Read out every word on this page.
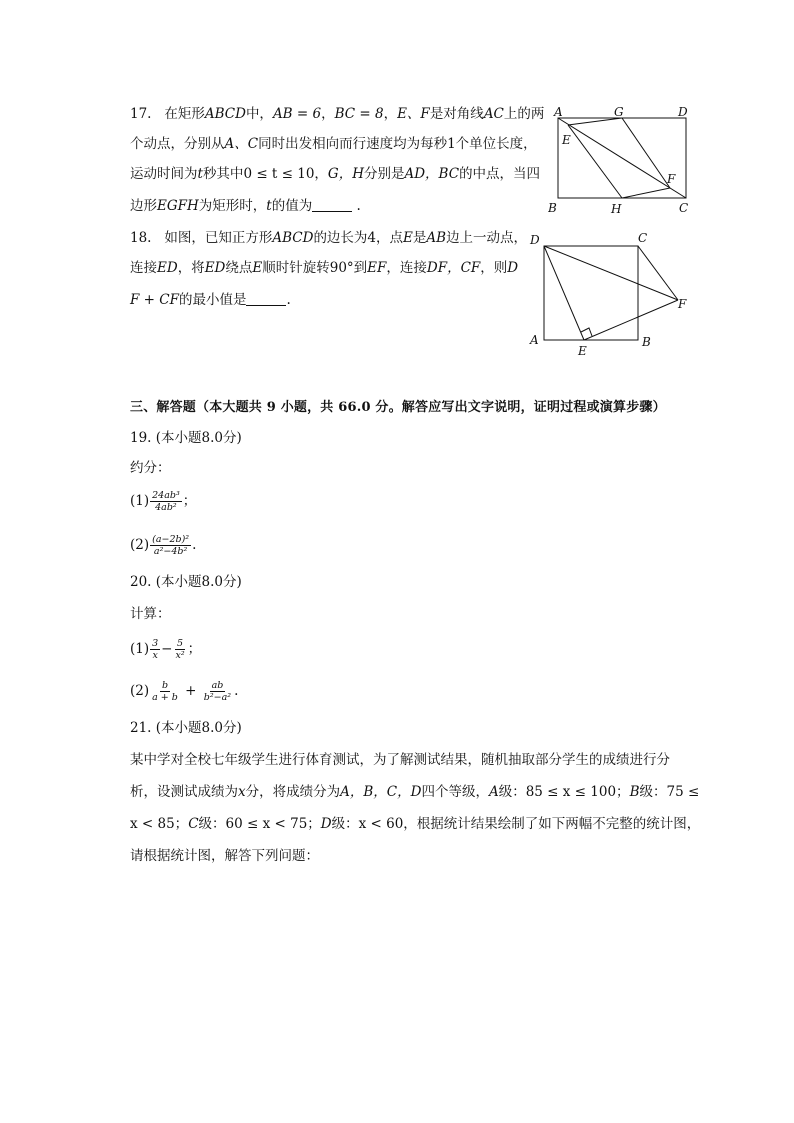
17. 在矩形ABCD中，AB = 6，BC = 8，E、F是对角线AC上的两
个动点，分别从A、C同时出发相向而行速度均为每秒1个单位长度，
运动时间为t秒其中0 ≤ t ≤ 10，G，H分别是AD，BC的中点，当四
边形EGFH为矩形时，t的值为	.
A	G	D
E
F
B	H	C
18. 如图，已知正方形ABCD的边长为4，点E是AB边上一动点，
连接ED，将ED绕点E顺时针旋转90°到EF，连接DF，CF，则D
F + CF的最小值是	.
D	C
F
A
E
B
三、解答题（本大题共 9 小题，共 66.0 分。解答应写出文字说明，证明过程或演算步骤）
19. (本小题8.0分)
约分：
$(1) \frac{\text{24ab³}}{\text{4ab²}}$ ；
$(2) \frac{\text{(a−2b)²}}{\text{a²−4b²}}$ .
20. (本小题8.0分)
计算：
$(1) \frac{3}{x} - \frac{5}{\text{x²}}$ ；
$(2) \frac{b}{a + b} + \frac{ab}{\text{b²−a²}}$ .
21. (本小题8.0分)
某中学对全校七年级学生进行体育测试，为了解测试结果，随机抽取部分学生的成绩进行分
析，设测试成绩为x分，将成绩分为A，B，C，D四个等级，A级：85 ≤ x ≤ 100；B级：75 ≤
x < 85；C级：60 ≤ x < 75；D级：x < 60，根据统计结果绘制了如下两幅不完整的统计图，
请根据统计图，解答下列问题：
